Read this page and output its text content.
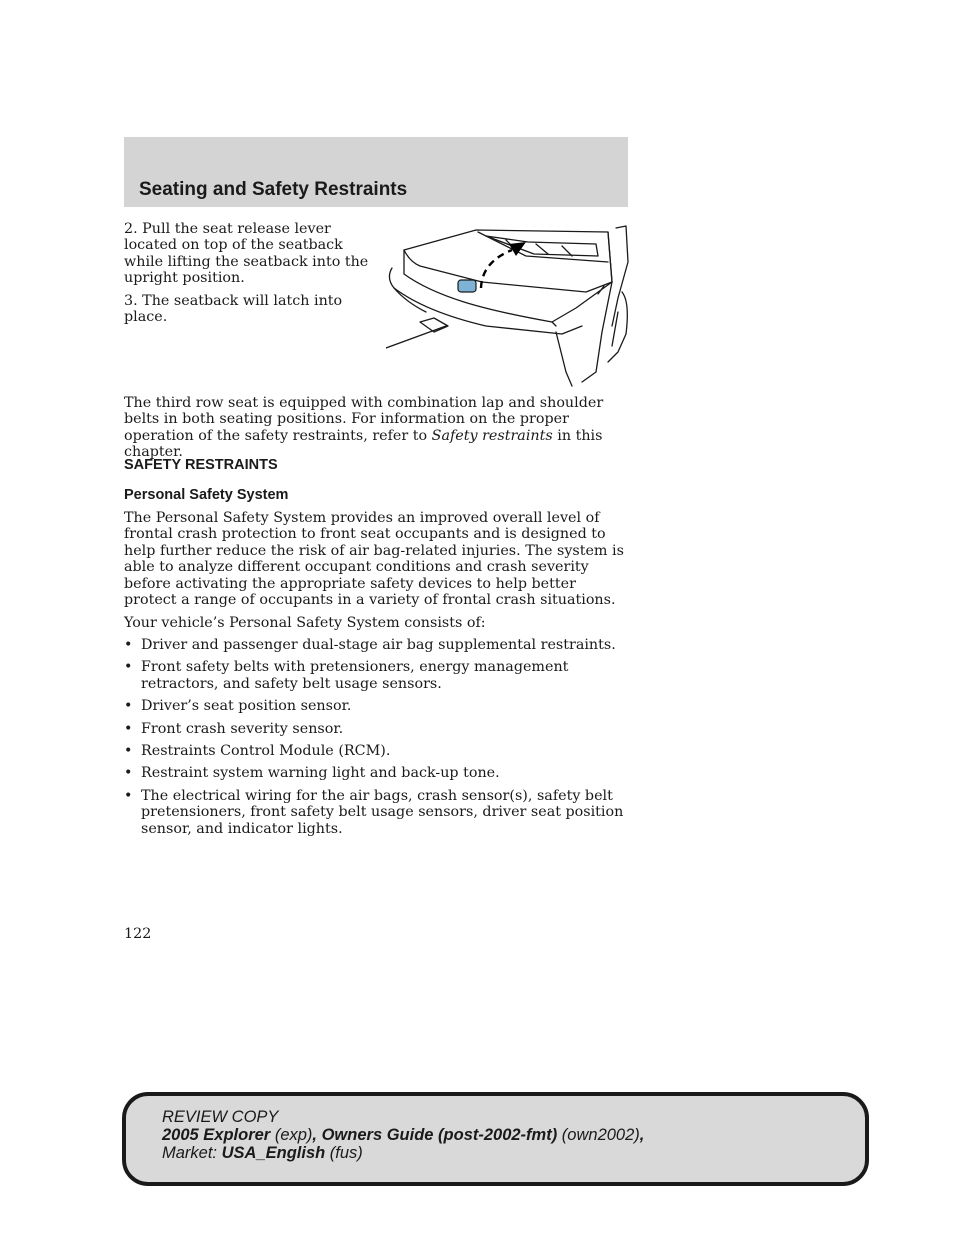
Seating and Safety Restraints

2. Pull the seat release lever located on top of the seatback while lifting the seatback into the upright position.

3. The seatback will latch into place.

The third row seat is equipped with combination lap and shoulder belts in both seating positions. For information on the proper operation of the safety restraints, refer to Safety restraints in this chapter.

SAFETY RESTRAINTS
Personal Safety System

The Personal Safety System provides an improved overall level of frontal crash protection to front seat occupants and is designed to help further reduce the risk of air bag-related injuries. The system is able to analyze different occupant conditions and crash severity before activating the appropriate safety devices to help better protect a range of occupants in a variety of frontal crash situations.

Your vehicle’s Personal Safety System consists of:

• Driver and passenger dual-stage air bag supplemental restraints.
• Front safety belts with pretensioners, energy management retractors, and safety belt usage sensors.
• Driver’s seat position sensor.
• Front crash severity sensor.
• Restraints Control Module (RCM).
• Restraint system warning light and back-up tone.
• The electrical wiring for the air bags, crash sensor(s), safety belt pretensioners, front safety belt usage sensors, driver seat position sensor, and indicator lights.
122
REVIEW COPY
2005 Explorer (exp), Owners Guide (post-2002-fmt) (own2002),
Market: USA_English (fus)
